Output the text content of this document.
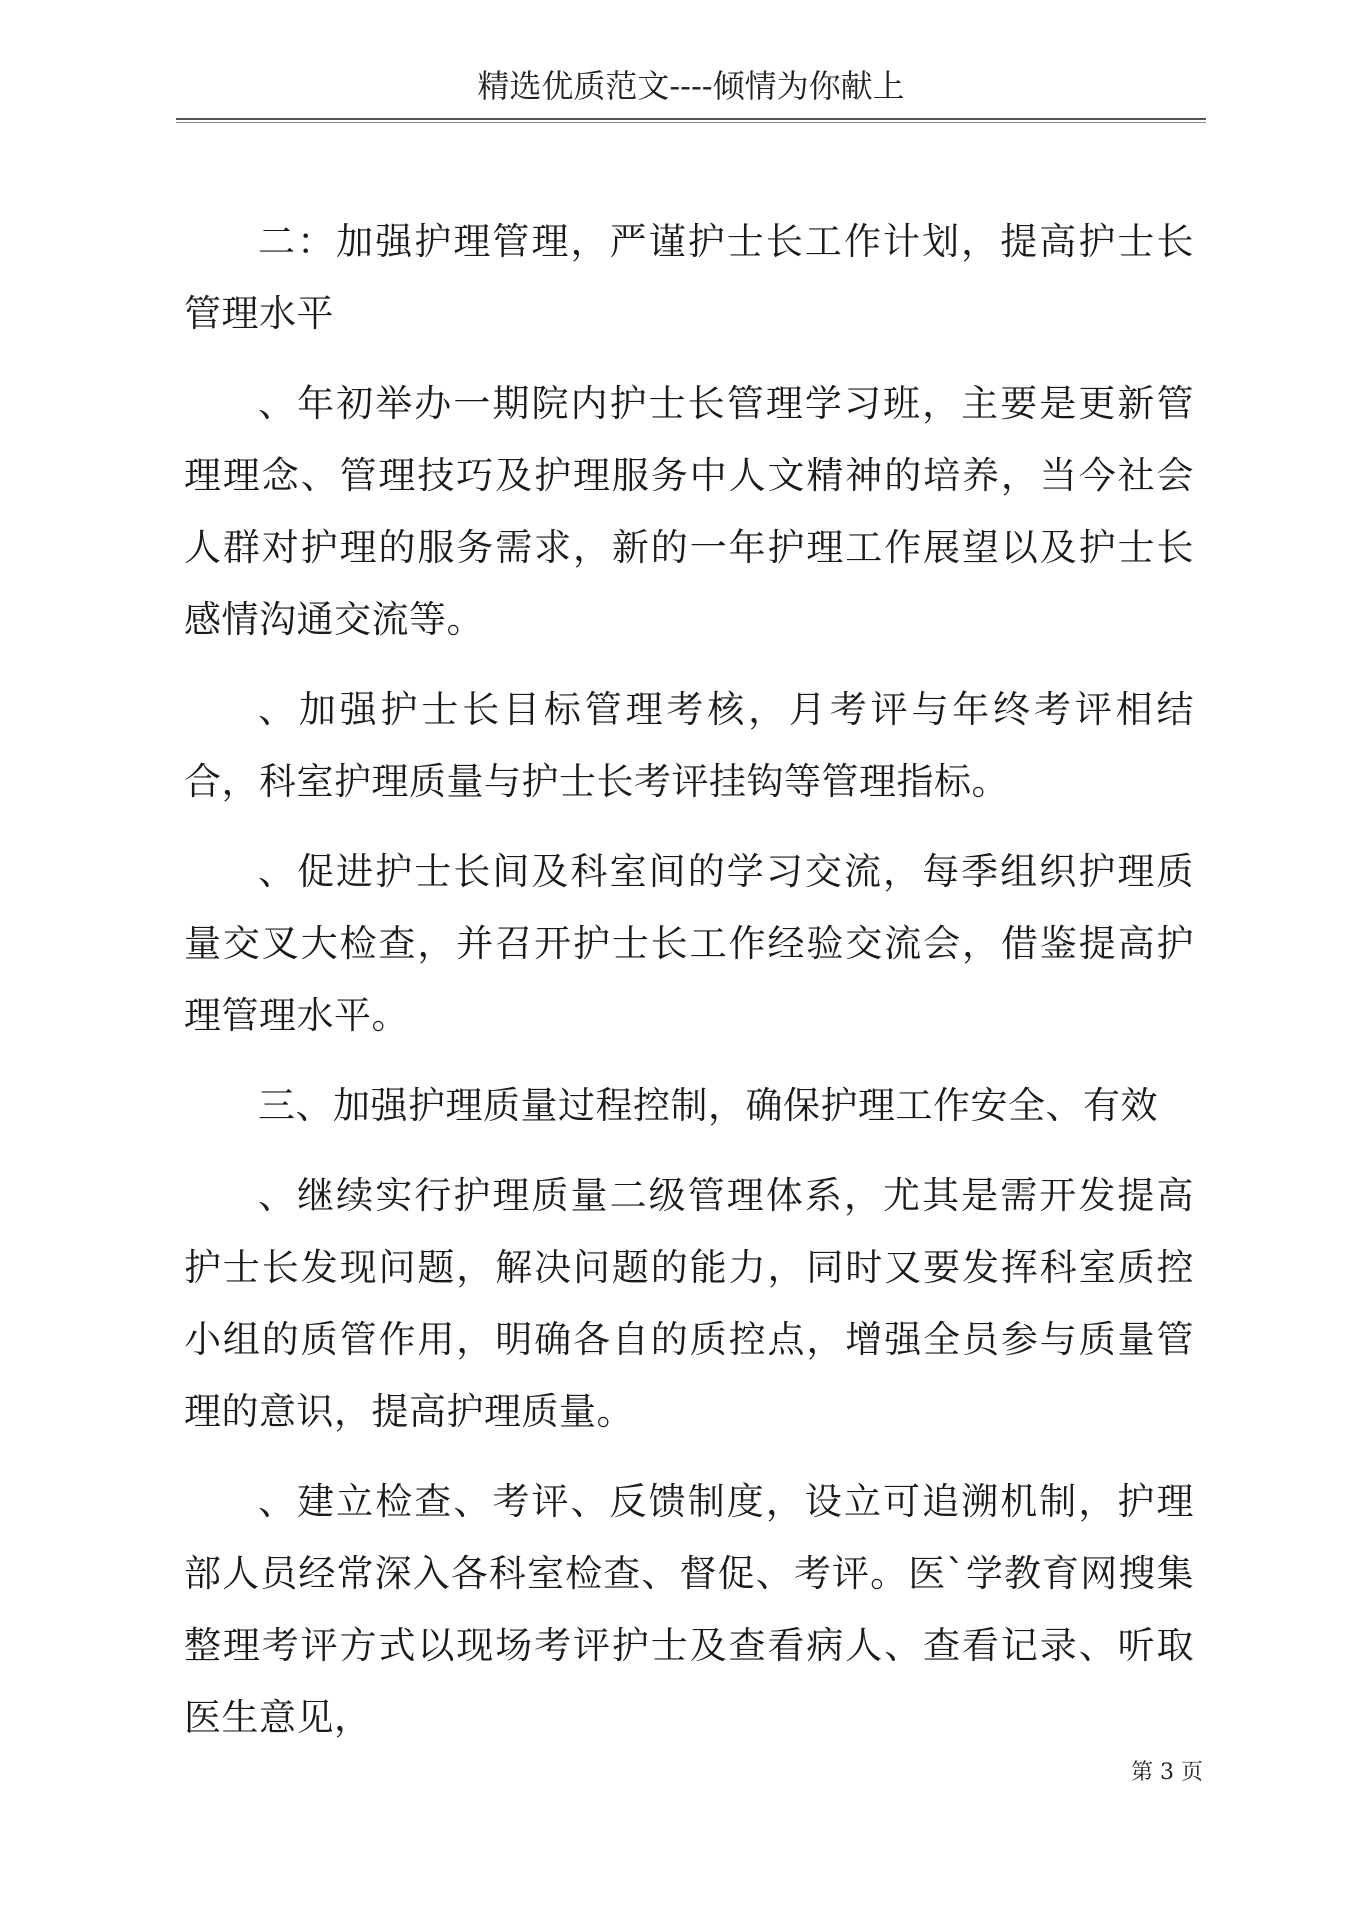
精选优质范文----倾情为你献上

二：加强护理管理，严谨护士长工作计划，提高护士长管理水平

、年初举办一期院内护士长管理学习班，主要是更新管理理念、管理技巧及护理服务中人文精神的培养，当今社会人群对护理的服务需求，新的一年护理工作展望以及护士长感情沟通交流等。

、加强护士长目标管理考核，月考评与年终考评相结合，科室护理质量与护士长考评挂钩等管理指标。

、促进护士长间及科室间的学习交流，每季组织护理质量交叉大检查，并召开护士长工作经验交流会，借鉴提高护理管理水平。

三、加强护理质量过程控制，确保护理工作安全、有效

、继续实行护理质量二级管理体系，尤其是需开发提高护士长发现问题，解决问题的能力，同时又要发挥科室质控小组的质管作用，明确各自的质控点，增强全员参与质量管理的意识，提高护理质量。

、建立检查、考评、反馈制度，设立可追溯机制，护理部人员经常深入各科室检查、督促、考评。医`学教育网搜集整理考评方式以现场考评护士及查看病人、查看记录、听取医生意见，

第 3 页
